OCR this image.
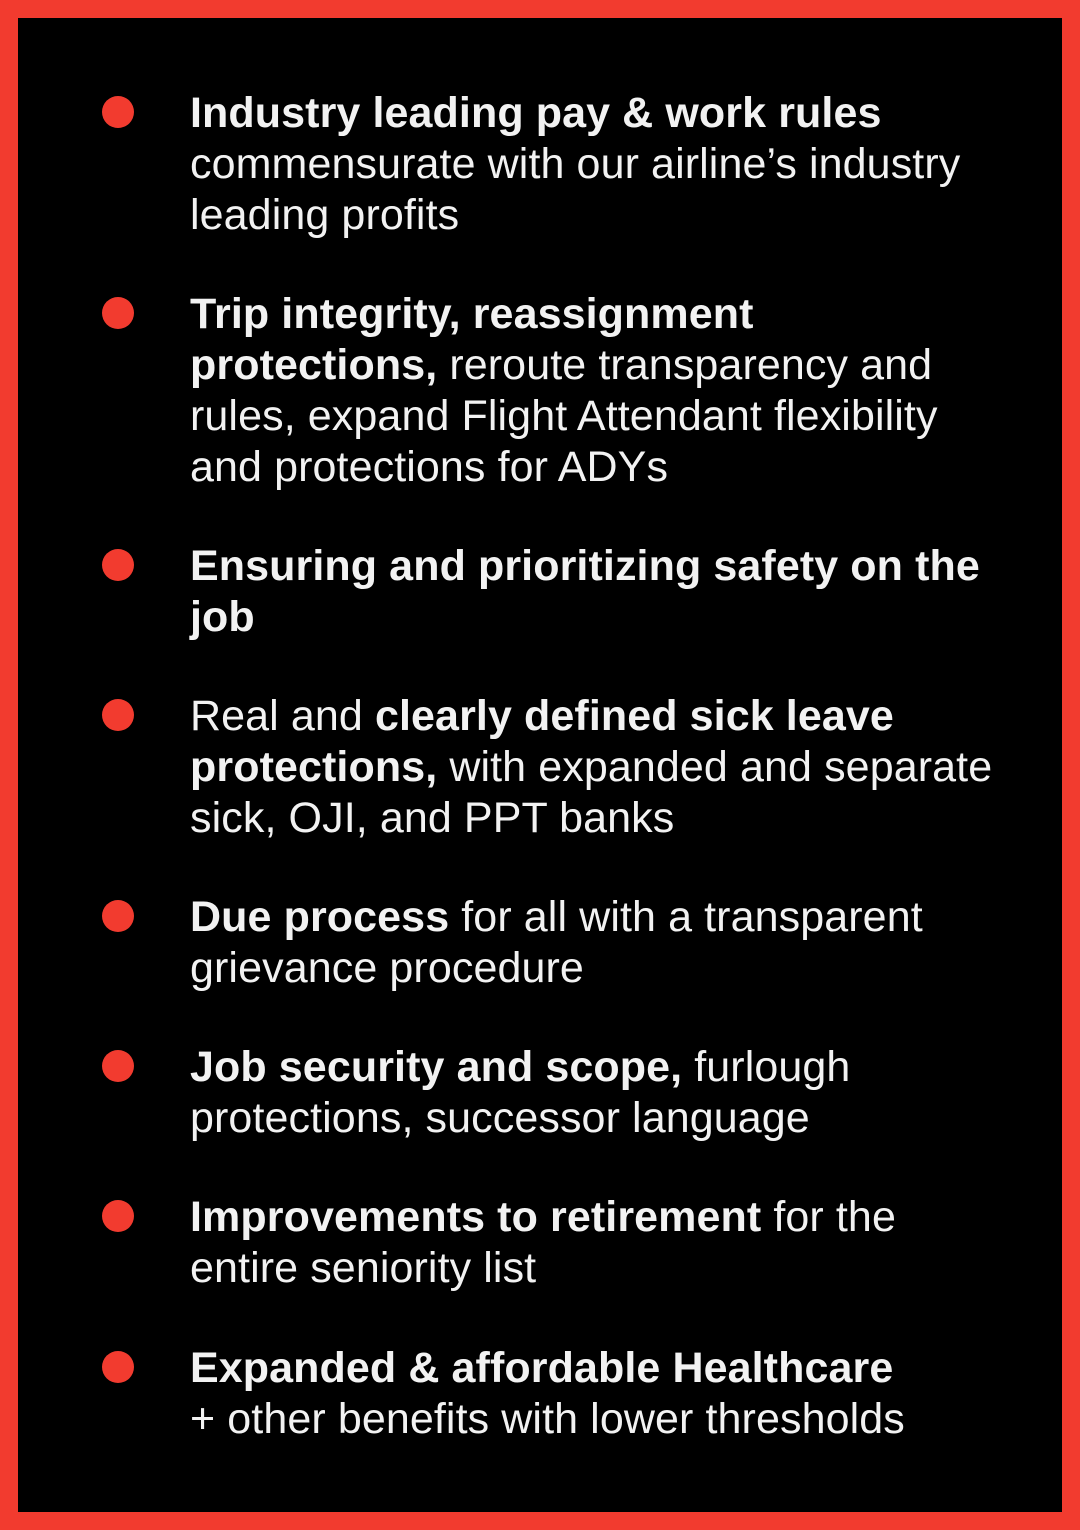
Industry leading pay & work rules
commensurate with our airline’s industry leading profits

Trip integrity, reassignment protections, reroute transparency and rules, expand Flight Attendant flexibility and protections for ADYs

Ensuring and prioritizing safety on the job

Real and clearly defined sick leave protections, with expanded and separate sick, OJI, and PPT banks

Due process for all with a transparent grievance procedure

Job security and scope, furlough protections, successor language

Improvements to retirement for the entire seniority list

Expanded & affordable Healthcare
+ other benefits with lower thresholds
